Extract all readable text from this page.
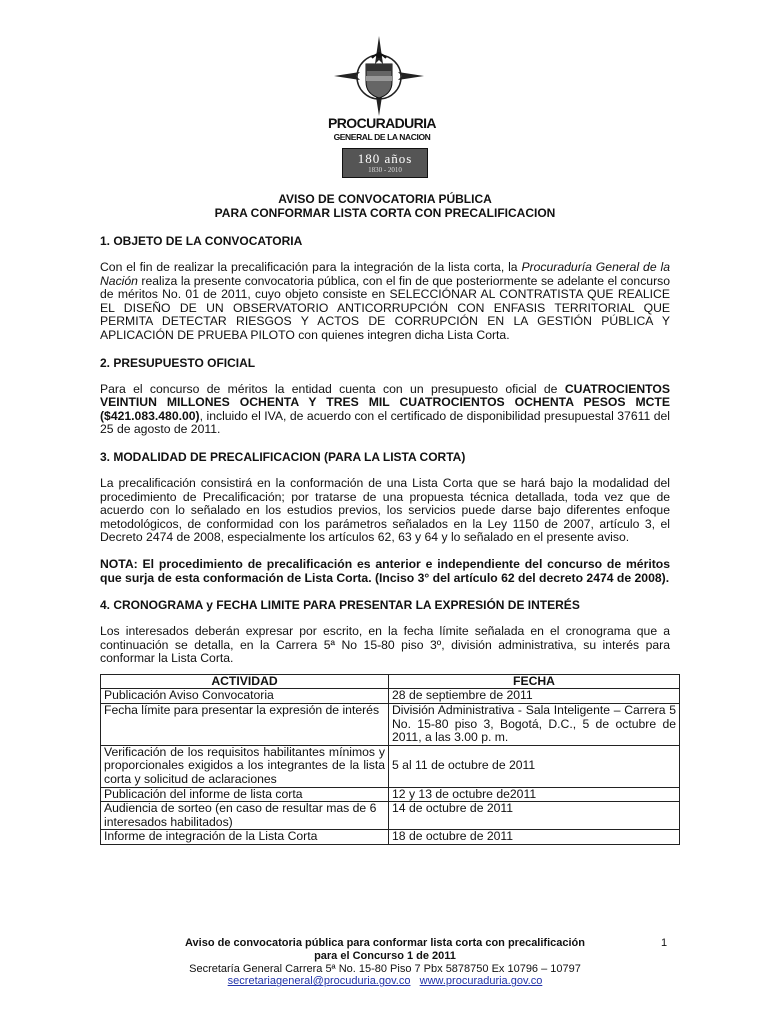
PROCURADURIA
GENERAL DE LA NACION
180 años
1830 - 2010

AVISO DE CONVOCATORIA PÚBLICA

PARA CONFORMAR LISTA CORTA CON PRECALIFICACION

1. OBJETO DE LA CONVOCATORIA

Con el fin de realizar la precalificación para la integración de la lista corta, la Procuraduría General de la Nación realiza la presente convocatoria pública, con el fin de que posteriormente se adelante el concurso de méritos No. 01 de 2011, cuyo objeto consiste en SELECCIÓNAR AL CONTRATISTA QUE REALICE EL DISEÑO DE UN OBSERVATORIO ANTICORRUPCIÓN CON ENFASIS TERRITORIAL QUE PERMITA DETECTAR RIESGOS Y ACTOS DE CORRUPCIÓN EN LA GESTIÓN PÚBLICA Y APLICACIÓN DE PRUEBA PILOTO con quienes integren dicha Lista Corta.

2. PRESUPUESTO OFICIAL

Para el concurso de méritos la entidad cuenta con un presupuesto oficial de CUATROCIENTOS VEINTIUN MILLONES OCHENTA Y TRES MIL CUATROCIENTOS OCHENTA PESOS MCTE ($421.083.480.00), incluido el IVA, de acuerdo con el certificado de disponibilidad presupuestal 37611 del 25 de agosto de 2011.

3. MODALIDAD DE PRECALIFICACION (PARA LA LISTA CORTA)

La precalificación consistirá en la conformación de una Lista Corta que se hará bajo la modalidad del procedimiento de Precalificación; por tratarse de una propuesta técnica detallada, toda vez que de acuerdo con lo señalado en los estudios previos, los servicios puede darse bajo diferentes enfoque metodológicos, de conformidad con los parámetros señalados en la Ley 1150 de 2007, artículo 3, el Decreto 2474 de 2008, especialmente los artículos 62, 63 y 64 y lo señalado en el presente aviso.

NOTA: El procedimiento de precalificación es anterior e independiente del concurso de méritos que surja de esta conformación de Lista Corta. (Inciso 3° del artículo 62 del decreto 2474 de 2008).

4. CRONOGRAMA y FECHA LIMITE PARA PRESENTAR LA EXPRESIÓN DE INTERÉS

Los interesados deberán expresar por escrito, en la fecha límite señalada en el cronograma que a continuación se detalla, en la Carrera 5ª No 15-80 piso 3º, división administrativa, su interés para conformar la Lista Corta.

ACTIVIDAD	FECHA
Publicación Aviso Convocatoria	28 de septiembre de 2011
Fecha límite para presentar la expresión de interés	División Administrativa - Sala Inteligente – Carrera 5 No. 15-80 piso 3, Bogotá, D.C., 5 de octubre de 2011, a las 3.00 p. m.
Verificación de los requisitos habilitantes mínimos y proporcionales exigidos a los integrantes de la lista corta y solicitud de aclaraciones	5 al 11 de octubre de 2011
Publicación del informe de lista corta	12 y 13 de octubre de2011
Audiencia de sorteo (en caso de resultar mas de 6 interesados habilitados)	14 de octubre de 2011
Informe de integración de la Lista Corta	18 de octubre de 2011
Aviso de convocatoria pública para conformar lista corta con precalificación
para el Concurso 1 de 2011
Secretaría General Carrera 5ª No. 15-80 Piso 7 Pbx 5878750 Ex 10796 – 10797
secretariageneral@procuduria.gov.co www.procuraduria.gov.co
1
